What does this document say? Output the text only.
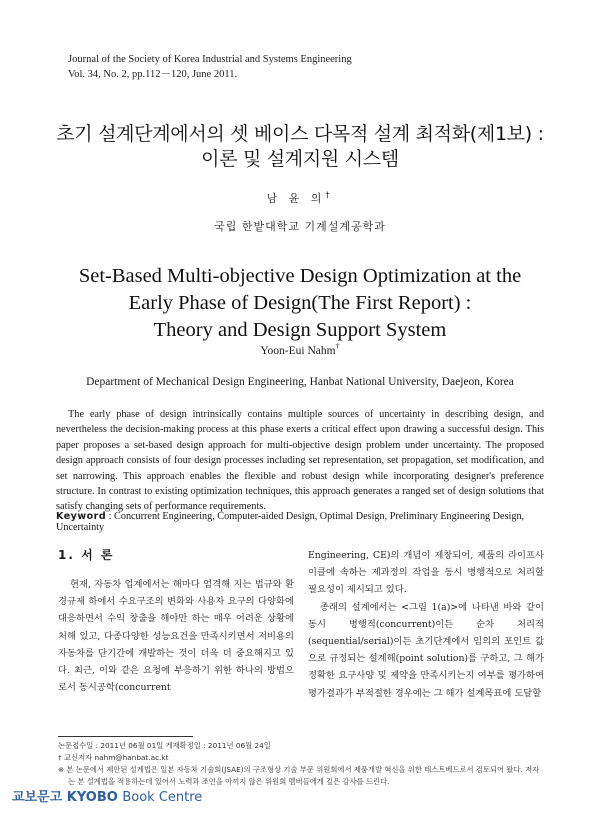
Journal of the Society of Korea Industrial and Systems Engineering
Vol. 34, No. 2, pp.112－120, June 2011.
초기 설계단계에서의 셋 베이스 다목적 설계 최적화(제1보) :
이론 및 설계지원 시스템
남 윤 의†
국립 한밭대학교 기계설계공학과
Set-Based Multi-objective Design Optimization at the
Early Phase of Design(The First Report) :
Theory and Design Support System
Yoon-Eui Nahm†
Department of Mechanical Design Engineering, Hanbat National University, Daejeon, Korea
The early phase of design intrinsically contains multiple sources of uncertainty in describing design, and nevertheless the decision-making process at this phase exerts a critical effect upon drawing a successful design. This paper proposes a set-based design approach for multi-objective design problem under uncertainty. The proposed design approach consists of four design processes including set representation, set propagation, set modification, and set narrowing. This approach enables the flexible and robust design while incorporating designer's preference structure. In contrast to existing optimization techniques, this approach generates a ranged set of design solutions that satisfy changing sets of performance requirements.
Keyword : Concurrent Engineering, Computer-aided Design, Optimal Design, Preliminary Engineering Design, Uncertainty
1. 서 론

현재, 자동차 업계에서는 해마다 엄격해 지는 법규와 환경규제 하에서 수요구조의 변화와 사용자 요구의 다양화에 대응하면서 수익 창출을 해야만 하는 매우 어려운 상황에 처해 있고, 다종다양한 성능요건을 만족시키면서 저비용의 자동차를 단기간에 개발하는 것이 더욱 더 중요해지고 있다. 최근, 이와 같은 요청에 부응하기 위한 하나의 방법으로서 동시공학(concurrent

Engineering, CE)의 개념이 제창되어, 제품의 라이프사이클에 속하는 제과정의 작업을 동시 병행적으로 처리할 필요성이 제시되고 있다.

종래의 설계에서는 <그림 1(a)>에 나타낸 바와 같이 동시 병행적(concurrent)이든 순차 처리적(sequential/serial)이든 초기단계에서 임의의 포인트 값으로 규정되는 설계해(point solution)를 구하고, 그 해가 정확한 요구사양 및 제약을 만족시키는지 여부를 평가하여 평가결과가 부적절한 경우에는 그 해가 설계목표에 도달할

논문접수일 : 2011년 06월 01일 게재확정일 : 2011년 06월 24일
† 교신저자 nahm@hanbat.ac.kt
※ 본 논문에서 제안된 설계법은 일본 자동차 기술회(JSAE)의 구조형상 기술 부문 위원회에서 제품개발 혁신을 위한 테스트베드로서 검토되어 왔다. 저자는 본 설계법을 적용하는데 있어서 노력과 조언을 아끼지 않은 위원회 멤버들에게 깊은 감사를 드린다.
교보문고 KYOBO Book Centre
